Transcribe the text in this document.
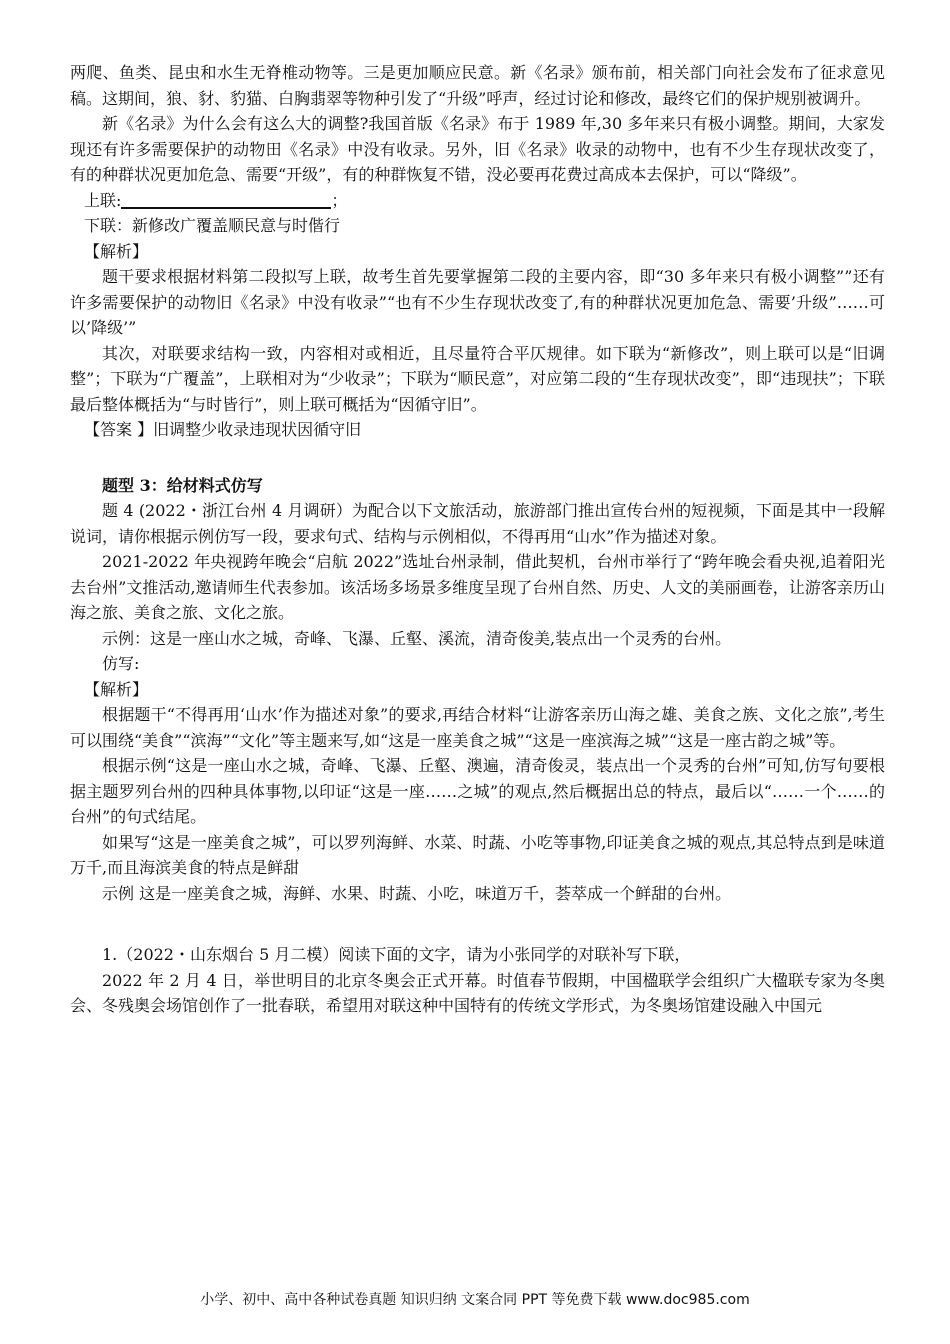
两爬、鱼类、昆虫和水生无脊椎动物等。三是更加顺应民意。新《名录》颁布前，相关部门向社会发布了征求意见稿。这期间，狼、豺、豹猫、白胸翡翠等物种引发了“升级”呼声，经过讨论和修改，最终它们的保护规别被调升。

新《名录》为什么会有这么大的调整?我国首版《名录》布于 1989 年,30 多年来只有极小调整。期间，大家发现还有许多需要保护的动物田《名录》中没有收录。另外，旧《名录》收录的动物中，也有不少生存现状改变了，有的种群状况更加危急、需要“开级”，有的种群恢复不错，没必要再花费过高成本去保护，可以“降级”。

上联:	；

下联：新修改广覆盖顺民意与时偕行

【解析】

题干要求根据材料第二段拟写上联，故考生首先要掌握第二段的主要内容，即“30 多年来只有极小调整””还有许多需要保护的动物旧《名录》中没有收录”“也有不少生存现状改变了,有的种群状况更加危急、需要’升级”……可以’降级’”

其次，对联要求结构一致，内容相对或相近，且尽量符合平仄规律。如下联为“新修改”，则上联可以是“旧调整”；下联为“广覆盖”，上联相对为“少收录”；下联为“顺民意”，对应第二段的“生存现状改变”，即“违现扶”；下联最后整体概括为“与时皆行”，则上联可概括为“因循守旧”。

【答案 】旧调整少收录违现状因循守旧

题型 3：给材料式仿写

题 4 (2022・浙江台州 4 月调研）为配合以下文旅活动，旅游部门推出宣传台州的短视频，下面是其中一段解说词，请你根据示例仿写一段，要求句式、结构与示例相似，不得再用“山水”作为描述对象。

2021-2022 年央视跨年晚会“启航 2022”选址台州录制，借此契机，台州市举行了“跨年晚会看央视,追着阳光去台州”文推活动,邀请师生代表参加。该活场多场景多维度呈现了台州自然、历史、人文的美丽画卷，让游客亲历山海之旅、美食之旅、文化之旅。

示例：这是一座山水之城，奇峰、飞瀑、丘壑、溪流，清奇俊美,装点出一个灵秀的台州。

仿写:

【解析】

根据题干“不得再用‘山水’作为描述对象”的要求,再结合材料“让游客亲历山海之雄、美食之族、文化之旅”,考生可以围绕“美食”“滨海”“文化”等主题来写,如“这是一座美食之城”“这是一座滨海之城”“这是一座古韵之城”等。

根据示例“这是一座山水之城，奇峰、飞瀑、丘壑、澳遍，清奇俊灵，装点出一个灵秀的台州”可知,仿写句要根据主题罗列台州的四种具体事物,以印证“这是一座……之城”的观点,然后概据出总的特点，最后以“……一个……的台州”的句式结尾。

如果写“这是一座美食之城”，可以罗列海鲜、水菜、时蔬、小吃等事物,印证美食之城的观点,其总特点到是味道万千,而且海滨美食的特点是鲜甜

示例 这是一座美食之城，海鲜、水果、时蔬、小吃，味道万千，荟萃成一个鲜甜的台州。

1.（2022・山东烟台 5 月二模）阅读下面的文字，请为小张同学的对联补写下联，

2022 年 2 月 4 日，举世明目的北京冬奥会正式开幕。时值春节假期，中国楹联学会组织广大楹联专家为冬奥会、冬残奥会场馆创作了一批春联，希望用对联这种中国特有的传统文学形式，为冬奥场馆建设融入中国元

小学、初中、高中各种试卷真题 知识归纳 文案合同 PPT 等免费下载 www.doc985.com
